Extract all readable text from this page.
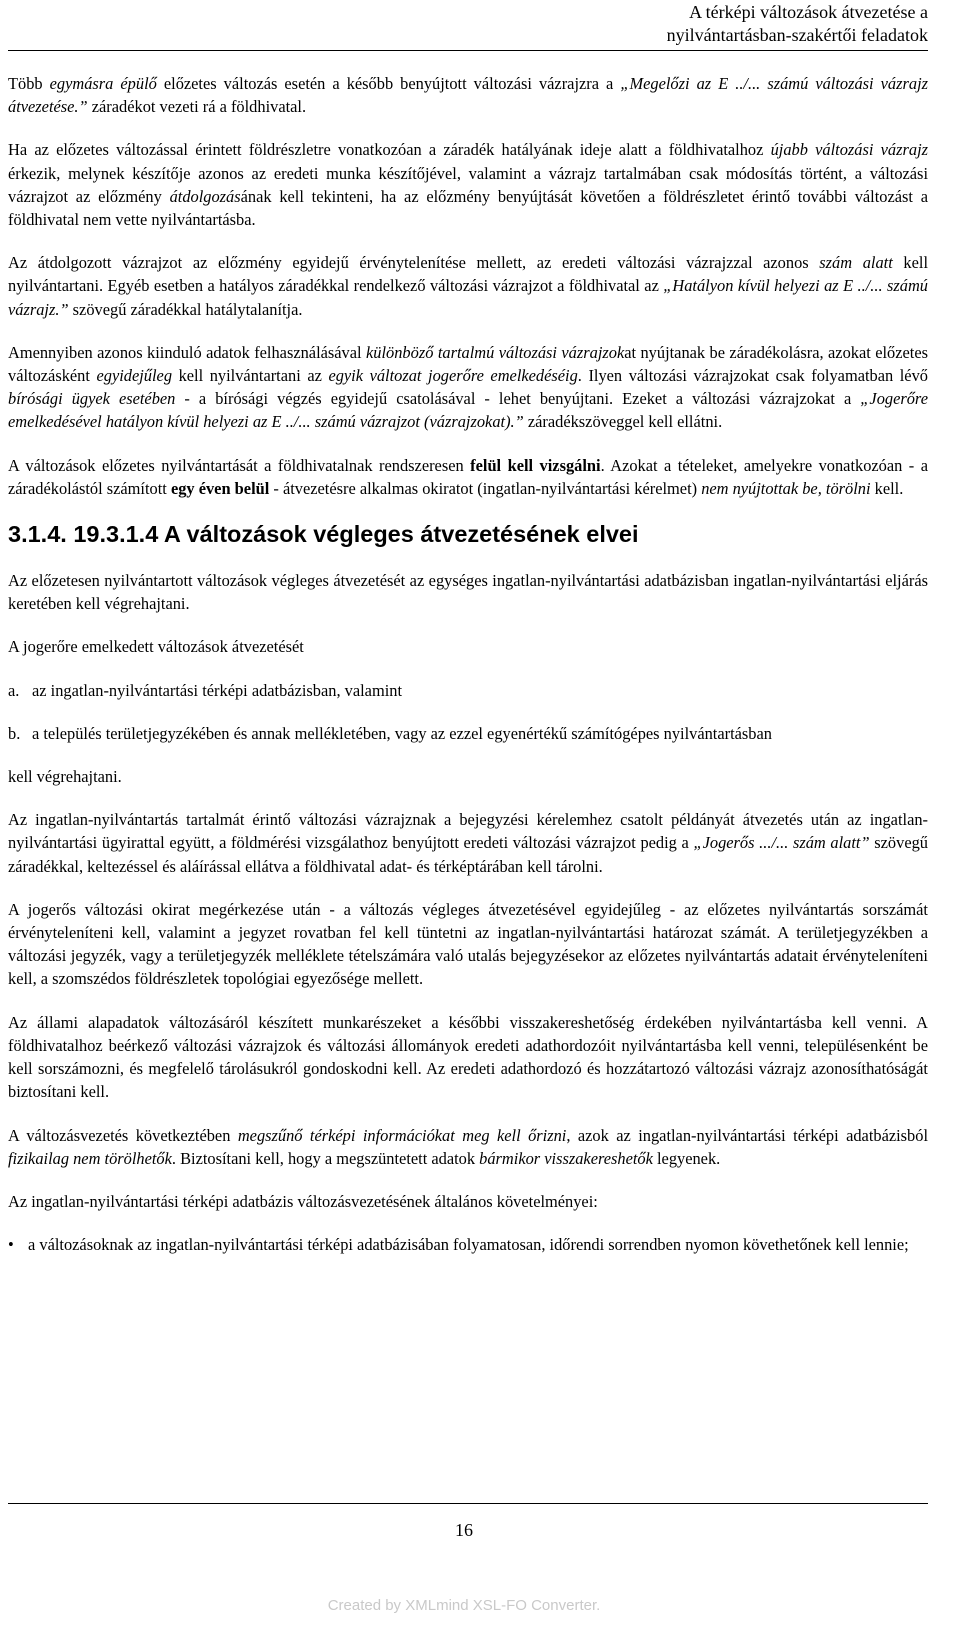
A térképi változások átvezetése a
nyilvántartásban-szakértői feladatok

Több egymásra épülő előzetes változás esetén a később benyújtott változási vázrajzra a „Megelőzi az E ../... számú változási vázrajz átvezetése.” záradékot vezeti rá a földhivatal.

Ha az előzetes változással érintett földrészletre vonatkozóan a záradék hatályának ideje alatt a földhivatalhoz újabb változási vázrajz érkezik, melynek készítője azonos az eredeti munka készítőjével, valamint a vázrajz tartalmában csak módosítás történt, a változási vázrajzot az előzmény átdolgozásának kell tekinteni, ha az előzmény benyújtását követően a földrészletet érintő további változást a földhivatal nem vette nyilvántartásba.

Az átdolgozott vázrajzot az előzmény egyidejű érvénytelenítése mellett, az eredeti változási vázrajzzal azonos szám alatt kell nyilvántartani. Egyéb esetben a hatályos záradékkal rendelkező változási vázrajzot a földhivatal az „Hatályon kívül helyezi az E ../... számú vázrajz.” szövegű záradékkal hatálytalanítja.

Amennyiben azonos kiinduló adatok felhasználásával különböző tartalmú változási vázrajzokat nyújtanak be záradékolásra, azokat előzetes változásként egyidejűleg kell nyilvántartani az egyik változat jogerőre emelkedéséig. Ilyen változási vázrajzokat csak folyamatban lévő bírósági ügyek esetében - a bírósági végzés egyidejű csatolásával - lehet benyújtani. Ezeket a változási vázrajzokat a „Jogerőre emelkedésével hatályon kívül helyezi az E ../... számú vázrajzot (vázrajzokat).” záradékszöveggel kell ellátni.

A változások előzetes nyilvántartását a földhivatalnak rendszeresen felül kell vizsgálni. Azokat a tételeket, amelyekre vonatkozóan - a záradékolástól számított egy éven belül - átvezetésre alkalmas okiratot (ingatlan-nyilvántartási kérelmet) nem nyújtottak be, törölni kell.

3.1.4. 19.3.1.4 A változások végleges átvezetésének elvei

Az előzetesen nyilvántartott változások végleges átvezetését az egységes ingatlan-nyilvántartási adatbázisban ingatlan-nyilvántartási eljárás keretében kell végrehajtani.

A jogerőre emelkedett változások átvezetését

a. az ingatlan-nyilvántartási térképi adatbázisban, valamint
b. a település területjegyzékében és annak mellékletében, vagy az ezzel egyenértékű számítógépes nyilvántartásban

kell végrehajtani.

Az ingatlan-nyilvántartás tartalmát érintő változási vázrajznak a bejegyzési kérelemhez csatolt példányát átvezetés után az ingatlan-nyilvántartási ügyirattal együtt, a földmérési vizsgálathoz benyújtott eredeti változási vázrajzot pedig a „Jogerős .../... szám alatt” szövegű záradékkal, keltezéssel és aláírással ellátva a földhivatal adat- és térképtárában kell tárolni.

A jogerős változási okirat megérkezése után - a változás végleges átvezetésével egyidejűleg - az előzetes nyilvántartás sorszámát érvényteleníteni kell, valamint a jegyzet rovatban fel kell tüntetni az ingatlan-nyilvántartási határozat számát. A területjegyzékben a változási jegyzék, vagy a területjegyzék melléklete tételszámára való utalás bejegyzésekor az előzetes nyilvántartás adatait érvényteleníteni kell, a szomszédos földrészletek topológiai egyezősége mellett.

Az állami alapadatok változásáról készített munkarészeket a későbbi visszakereshetőség érdekében nyilvántartásba kell venni. A földhivatalhoz beérkező változási vázrajzok és változási állományok eredeti adathordozóit nyilvántartásba kell venni, településenként be kell sorszámozni, és megfelelő tárolásukról gondoskodni kell. Az eredeti adathordozó és hozzátartozó változási vázrajz azonosíthatóságát biztosítani kell.

A változásvezetés következtében megszűnő térképi információkat meg kell őrizni, azok az ingatlan-nyilvántartási térképi adatbázisból fizikailag nem törölhetők. Biztosítani kell, hogy a megszüntetett adatok bármikor visszakereshetők legyenek.

Az ingatlan-nyilvántartási térképi adatbázis változásvezetésének általános követelményei:

• a változásoknak az ingatlan-nyilvántartási térképi adatbázisában folyamatosan, időrendi sorrendben nyomon követhetőnek kell lennie;
16
Created by XMLmind XSL-FO Converter.
